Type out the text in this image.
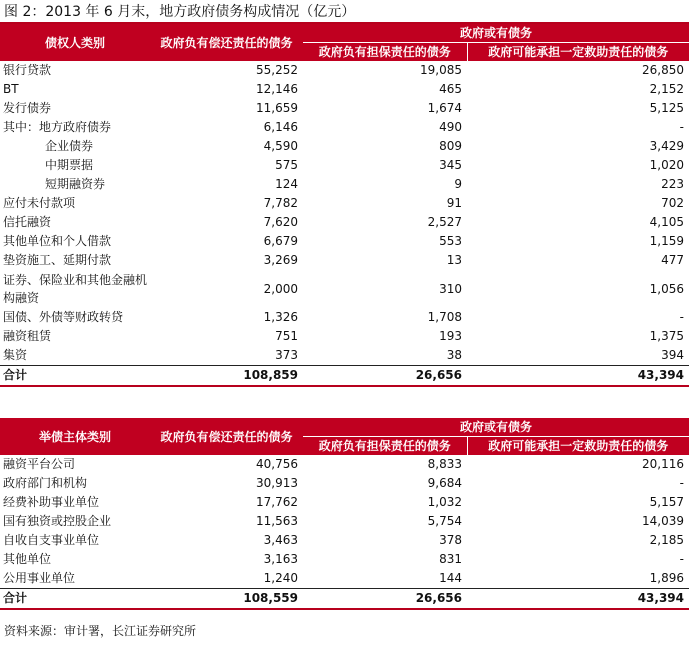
图 2：2013 年 6 月末，地方政府债务构成情况（亿元）
债权人类别	政府负有偿还责任的债务	政府或有债务	
		政府负有担保责任的债务	政府可能承担一定救助责任的债务
银行贷款	55,252	19,085	26,850
BT	12,146	465	2,152
发行债券	11,659	1,674	5,125
其中：地方政府债券	6,146	490	-
企业债券	4,590	809	3,429
中期票据	575	345	1,020
短期融资券	124	9	223
应付未付款项	7,782	91	702
信托融资	7,620	2,527	4,105
其他单位和个人借款	6,679	553	1,159
垫资施工、延期付款	3,269	13	477
证券、保险业和其他金融机构融资	2,000	310	1,056
国债、外债等财政转贷	1,326	1,708	-
融资租赁	751	193	1,375
集资	373	38	394
合计	108,859	26,656	43,394
举债主体类别	政府负有偿还责任的债务	政府或有债务	
		政府负有担保责任的债务	政府可能承担一定救助责任的债务
融资平台公司	40,756	8,833	20,116
政府部门和机构	30,913	9,684	-
经费补助事业单位	17,762	1,032	5,157
国有独资或控股企业	11,563	5,754	14,039
自收自支事业单位	3,463	378	2,185
其他单位	3,163	831	-
公用事业单位	1,240	144	1,896
合计	108,559	26,656	43,394
资料来源：审计署，长江证券研究所
